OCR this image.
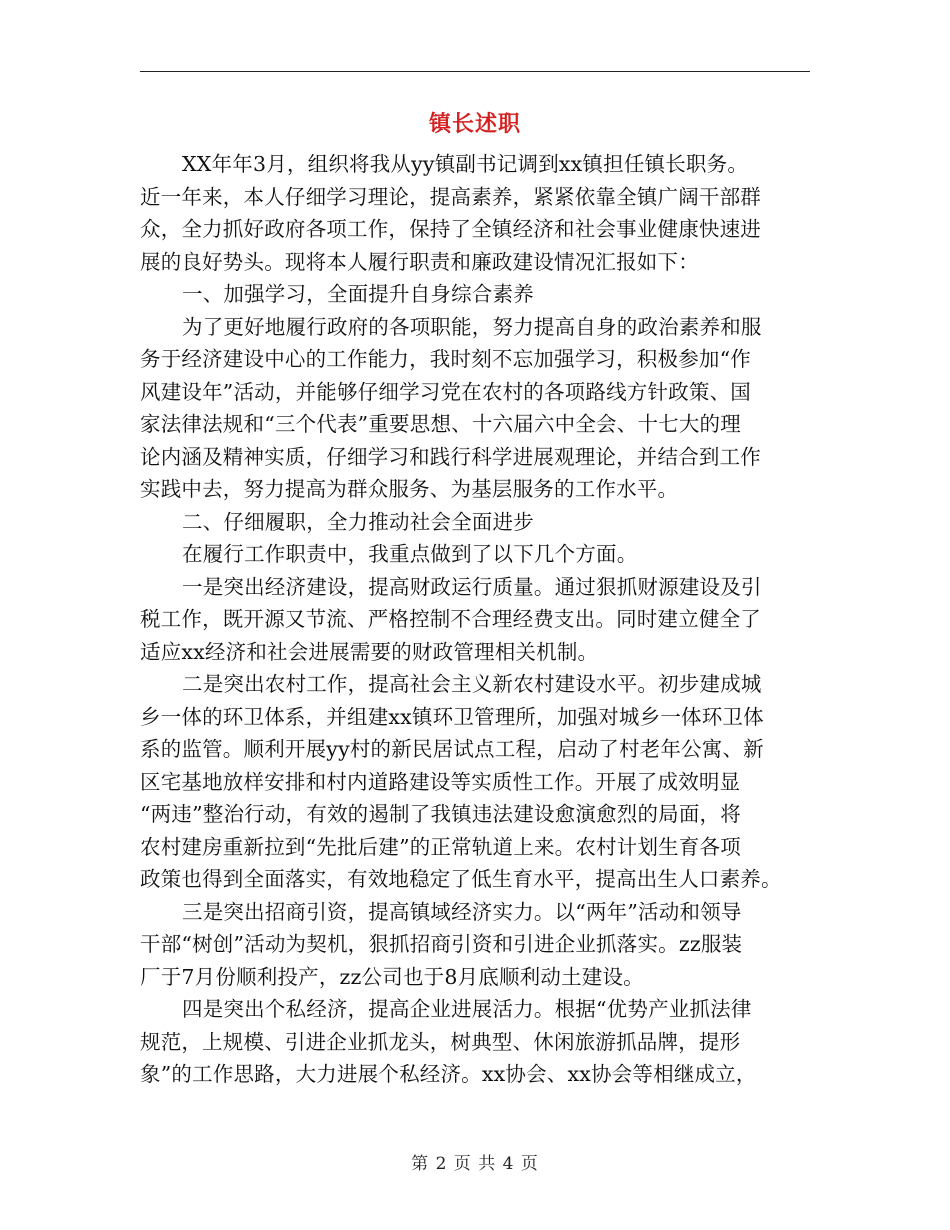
镇长述职
XX年年3月，组织将我从yy镇副书记调到xx镇担任镇长职务。
近一年来，本人仔细学习理论，提高素养，紧紧依靠全镇广阔干部群
众，全力抓好政府各项工作，保持了全镇经济和社会事业健康快速进
展的良好势头。现将本人履行职责和廉政建设情况汇报如下：
一、加强学习，全面提升自身综合素养
为了更好地履行政府的各项职能，努力提高自身的政治素养和服
务于经济建设中心的工作能力，我时刻不忘加强学习，积极参加“作
风建设年”活动，并能够仔细学习党在农村的各项路线方针政策、国
家法律法规和“三个代表”重要思想、十六届六中全会、十七大的理
论内涵及精神实质，仔细学习和践行科学进展观理论，并结合到工作
实践中去，努力提高为群众服务、为基层服务的工作水平。
二、仔细履职，全力推动社会全面进步
在履行工作职责中，我重点做到了以下几个方面。
一是突出经济建设，提高财政运行质量。通过狠抓财源建设及引
税工作，既开源又节流、严格控制不合理经费支出。同时建立健全了
适应xx经济和社会进展需要的财政管理相关机制。
二是突出农村工作，提高社会主义新农村建设水平。初步建成城
乡一体的环卫体系，并组建xx镇环卫管理所，加强对城乡一体环卫体
系的监管。顺利开展yy村的新民居试点工程，启动了村老年公寓、新
区宅基地放样安排和村内道路建设等实质性工作。开展了成效明显
“两违”整治行动，有效的遏制了我镇违法建设愈演愈烈的局面，将
农村建房重新拉到“先批后建”的正常轨道上来。农村计划生育各项
政策也得到全面落实，有效地稳定了低生育水平，提高出生人口素养。
三是突出招商引资，提高镇域经济实力。以“两年”活动和领导
干部“树创”活动为契机，狠抓招商引资和引进企业抓落实。zz服装
厂于7月份顺利投产，zz公司也于8月底顺利动土建设。
四是突出个私经济，提高企业进展活力。根据“优势产业抓法律
规范，上规模、引进企业抓龙头，树典型、休闲旅游抓品牌，提形
象”的工作思路，大力进展个私经济。xx协会、xx协会等相继成立，
第 2 页 共 4 页
